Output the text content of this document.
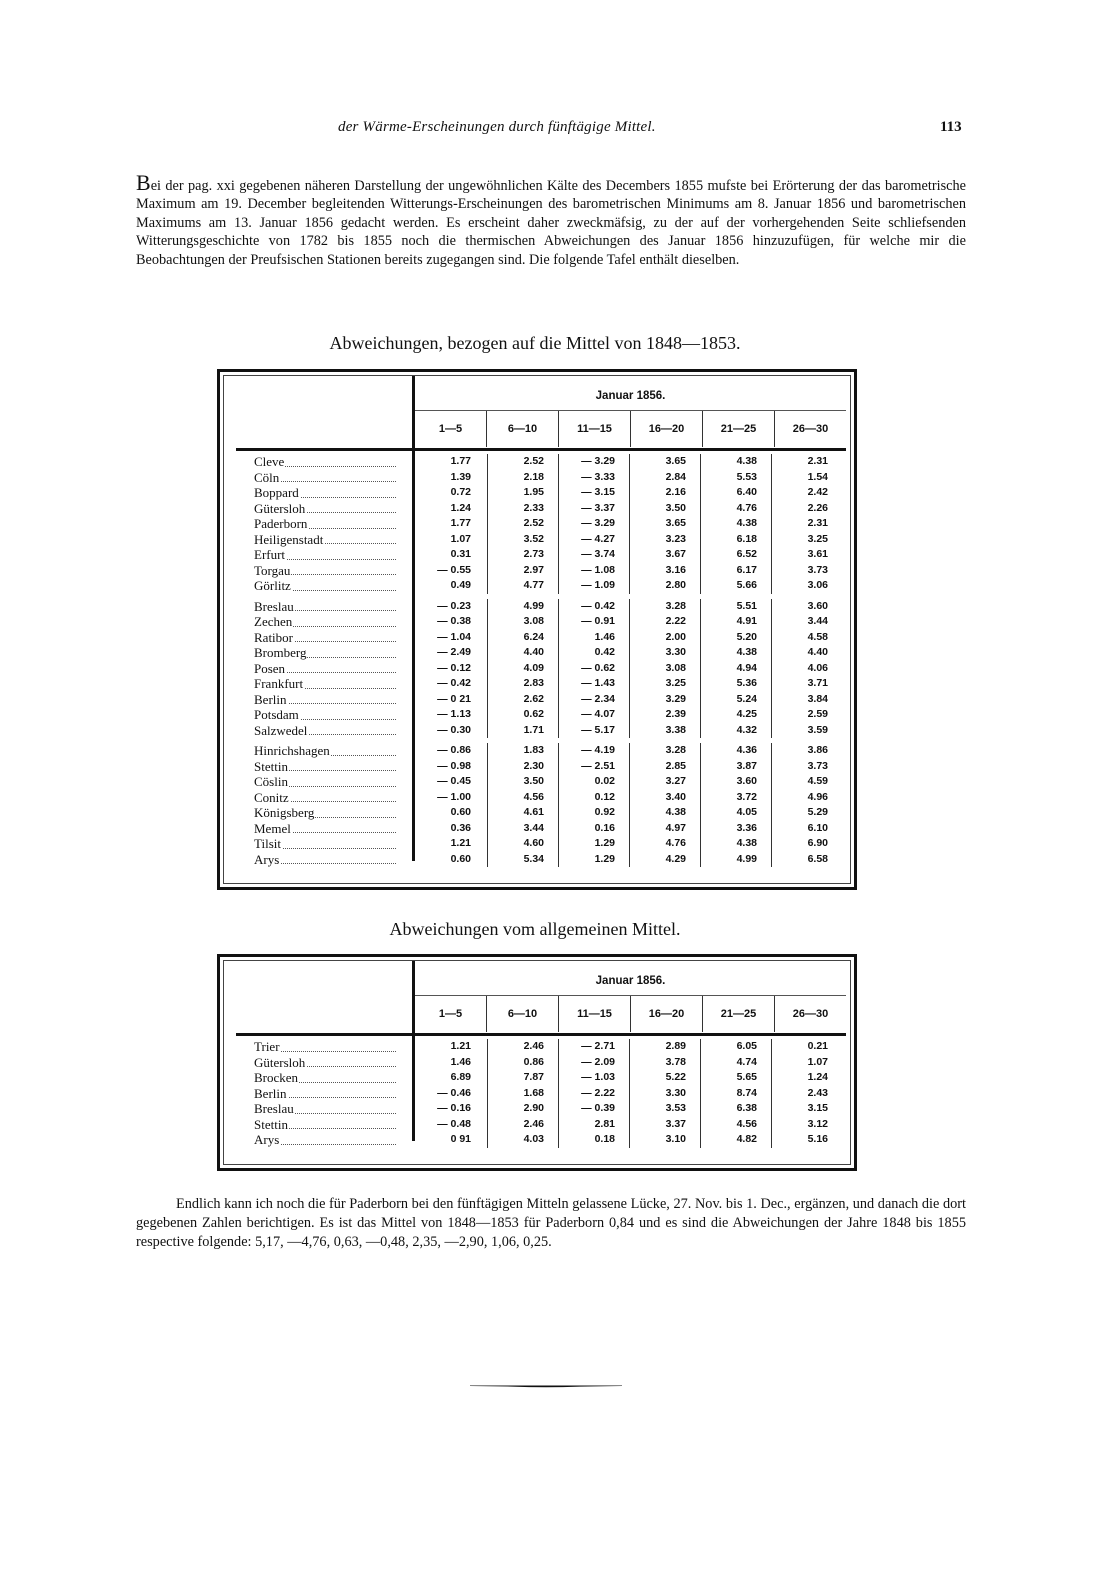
der Wärme-Erscheinungen durch fünftägige Mittel.	113
Bei der pag. xxi gegebenen näheren Darstellung der ungewöhnlichen Kälte des Decembers 1855 mufste bei Erörterung der das barometrische Maximum am 19. December begleitenden Witterungs-Erscheinungen des barometrischen Minimums am 8. Januar 1856 und barometrischen Maximums am 13. Januar 1856 gedacht werden. Es erscheint daher zweckmäfsig, zu der auf der vorhergehenden Seite schliefsenden Witterungsgeschichte von 1782 bis 1855 noch die thermischen Abweichungen des Januar 1856 hinzuzufügen, für welche mir die Beobachtungen der Preufsischen Stationen bereits zugegangen sind. Die folgende Tafel enthält dieselben.
Abweichungen, bezogen auf die Mittel von 1848—1853.
Januar 1856.
1—5	6—10	11—15	16—20	21—25	26—30
Cleve	1.77	2.52	— 3.29	3.65	4.38	2.31
Cöln	1.39	2.18	— 3.33	2.84	5.53	1.54
Boppard	0.72	1.95	— 3.15	2.16	6.40	2.42
Gütersloh	1.24	2.33	— 3.37	3.50	4.76	2.26
Paderborn	1.77	2.52	— 3.29	3.65	4.38	2.31
Heiligenstadt	1.07	3.52	— 4.27	3.23	6.18	3.25
Erfurt	0.31	2.73	— 3.74	3.67	6.52	3.61
Torgau	— 0.55	2.97	— 1.08	3.16	6.17	3.73
Görlitz	0.49	4.77	— 1.09	2.80	5.66	3.06
Breslau	— 0.23	4.99	— 0.42	3.28	5.51	3.60
Zechen	— 0.38	3.08	— 0.91	2.22	4.91	3.44
Ratibor	— 1.04	6.24	1.46	2.00	5.20	4.58
Bromberg	— 2.49	4.40	0.42	3.30	4.38	4.40
Posen	— 0.12	4.09	— 0.62	3.08	4.94	4.06
Frankfurt	— 0.42	2.83	— 1.43	3.25	5.36	3.71
Berlin	— 0 21	2.62	— 2.34	3.29	5.24	3.84
Potsdam	— 1.13	0.62	— 4.07	2.39	4.25	2.59
Salzwedel	— 0.30	1.71	— 5.17	3.38	4.32	3.59
Hinrichshagen	— 0.86	1.83	— 4.19	3.28	4.36	3.86
Stettin	— 0.98	2.30	— 2.51	2.85	3.87	3.73
Cöslin	— 0.45	3.50	0.02	3.27	3.60	4.59
Conitz	— 1.00	4.56	0.12	3.40	3.72	4.96
Königsberg	0.60	4.61	0.92	4.38	4.05	5.29
Memel	0.36	3.44	0.16	4.97	3.36	6.10
Tilsit	1.21	4.60	1.29	4.76	4.38	6.90
Arys	0.60	5.34	1.29	4.29	4.99	6.58
Abweichungen vom allgemeinen Mittel.
Januar 1856.
1—5	6—10	11—15	16—20	21—25	26—30
Trier	1.21	2.46	— 2.71	2.89	6.05	0.21
Gütersloh	1.46	0.86	— 2.09	3.78	4.74	1.07
Brocken	6.89	7.87	— 1.03	5.22	5.65	1.24
Berlin	— 0.46	1.68	— 2.22	3.30	8.74	2.43
Breslau	— 0.16	2.90	— 0.39	3.53	6.38	3.15
Stettin	— 0.48	2.46	2.81	3.37	4.56	3.12
Arys	0 91	4.03	0.18	3.10	4.82	5.16
Endlich kann ich noch die für Paderborn bei den fünftägigen Mitteln gelassene Lücke, 27. Nov. bis 1. Dec., ergänzen, und danach die dort gegebenen Zahlen berichtigen. Es ist das Mittel von 1848—1853 für Paderborn 0,84 und es sind die Abweichungen der Jahre 1848 bis 1855 respective folgende: 5,17, —4,76, 0,63, —0,48, 2,35, —2,90, 1,06, 0,25.
